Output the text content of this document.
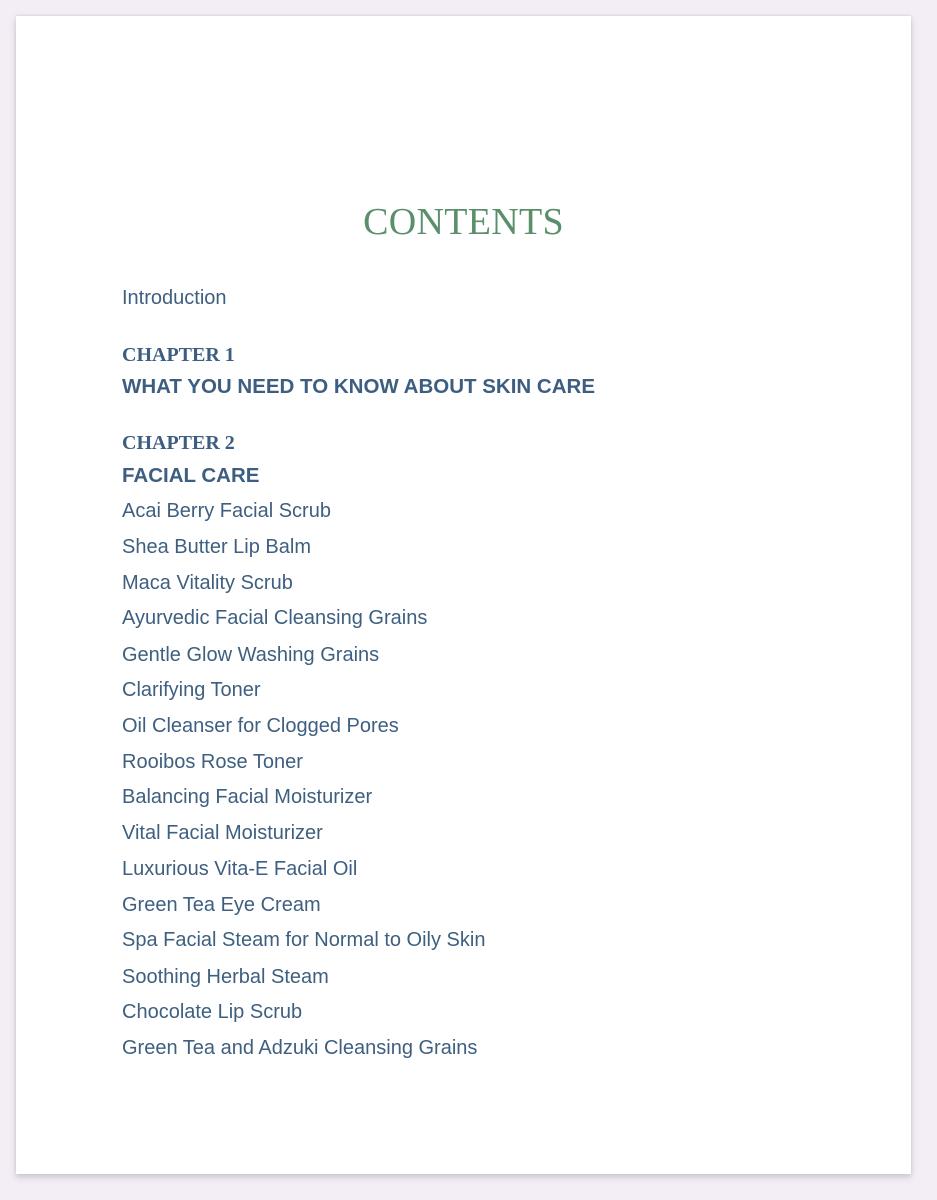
CONTENTS
Introduction
CHAPTER 1
WHAT YOU NEED TO KNOW ABOUT SKIN CARE
CHAPTER 2
FACIAL CARE
Acai Berry Facial Scrub
Shea Butter Lip Balm
Maca Vitality Scrub
Ayurvedic Facial Cleansing Grains
Gentle Glow Washing Grains
Clarifying Toner
Oil Cleanser for Clogged Pores
Rooibos Rose Toner
Balancing Facial Moisturizer
Vital Facial Moisturizer
Luxurious Vita-E Facial Oil
Green Tea Eye Cream
Spa Facial Steam for Normal to Oily Skin
Soothing Herbal Steam
Chocolate Lip Scrub
Green Tea and Adzuki Cleansing Grains
